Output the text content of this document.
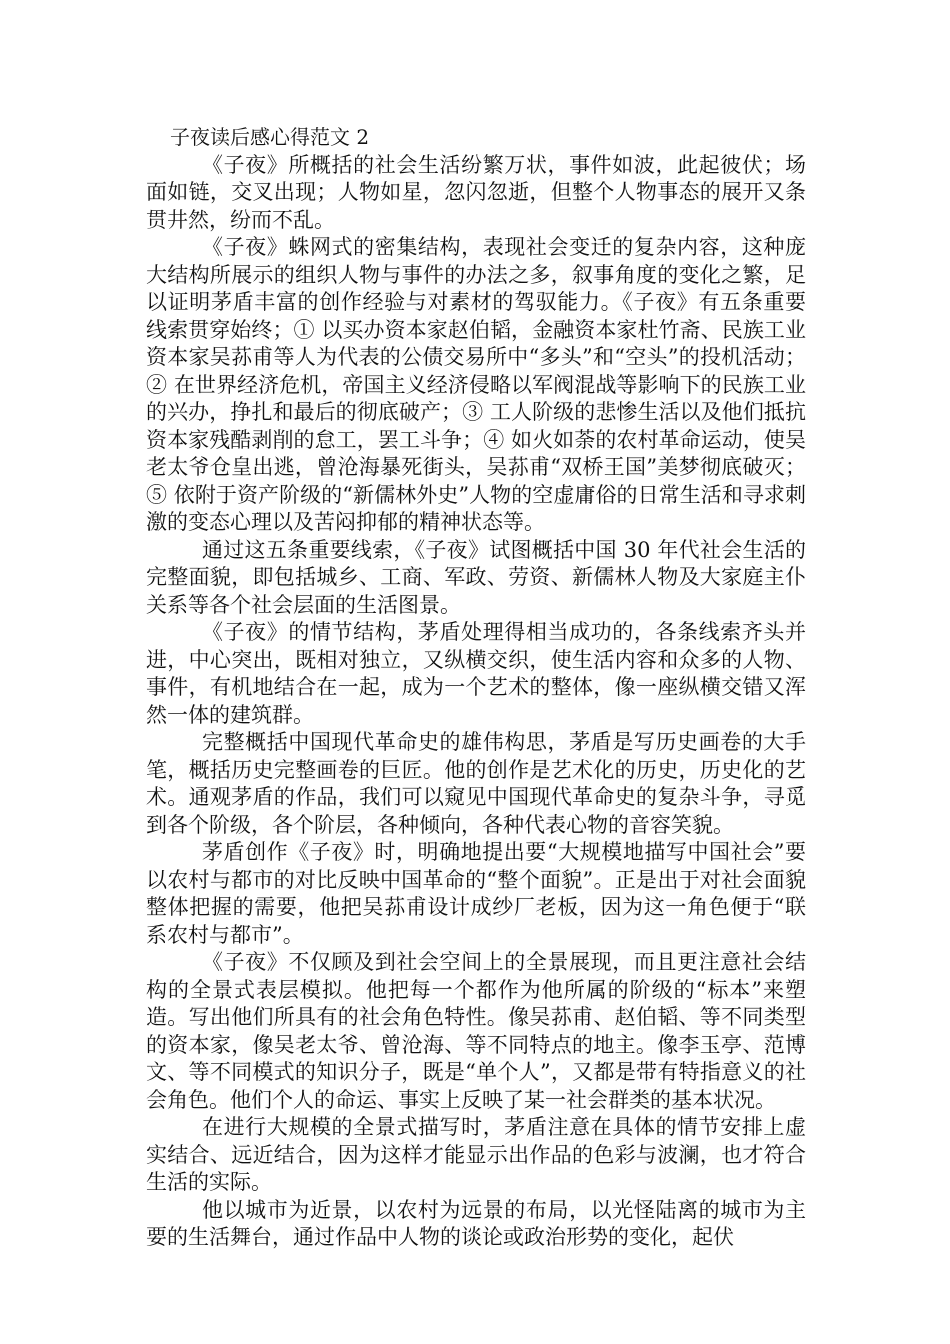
子夜读后感心得范文 2

《子夜》所概括的社会生活纷繁万状，事件如波，此起彼伏；场面如链，交叉出现；人物如星，忽闪忽逝，但整个人物事态的展开又条贯井然，纷而不乱。

《子夜》蛛网式的密集结构，表现社会变迁的复杂内容，这种庞大结构所展示的组织人物与事件的办法之多，叙事角度的变化之繁，足以证明茅盾丰富的创作经验与对素材的驾驭能力。《子夜》有五条重要线索贯穿始终；① 以买办资本家赵伯韬，金融资本家杜竹斋、民族工业资本家吴荪甫等人为代表的公债交易所中“多头”和“空头”的投机活动；② 在世界经济危机，帝国主义经济侵略以军阀混战等影响下的民族工业的兴办，挣扎和最后的彻底破产；③ 工人阶级的悲惨生活以及他们抵抗资本家残酷剥削的怠工，罢工斗争；④ 如火如荼的农村革命运动，使吴老太爷仓皇出逃，曾沧海暴死街头，吴荪甫“双桥王国”美梦彻底破灭；⑤ 依附于资产阶级的“新儒林外史”人物的空虚庸俗的日常生活和寻求刺激的变态心理以及苦闷抑郁的精神状态等。

通过这五条重要线索，《子夜》试图概括中国 30 年代社会生活的完整面貌，即包括城乡、工商、军政、劳资、新儒林人物及大家庭主仆关系等各个社会层面的生活图景。

《子夜》的情节结构，茅盾处理得相当成功的，各条线索齐头并进，中心突出，既相对独立，又纵横交织，使生活内容和众多的人物、事件，有机地结合在一起，成为一个艺术的整体，像一座纵横交错又浑然一体的建筑群。

完整概括中国现代革命史的雄伟构思，茅盾是写历史画卷的大手笔，概括历史完整画卷的巨匠。他的创作是艺术化的历史，历史化的艺术。通观茅盾的作品，我们可以窥见中国现代革命史的复杂斗争，寻觅到各个阶级，各个阶层，各种倾向，各种代表心物的音容笑貌。

茅盾创作《子夜》时，明确地提出要“大规模地描写中国社会”要以农村与都市的对比反映中国革命的“整个面貌”。正是出于对社会面貌整体把握的需要，他把吴荪甫设计成纱厂老板，因为这一角色便于“联系农村与都市”。

《子夜》不仅顾及到社会空间上的全景展现，而且更注意社会结构的全景式表层模拟。他把每一个都作为他所属的阶级的“标本”来塑造。写出他们所具有的社会角色特性。像吴荪甫、赵伯韬、等不同类型的资本家，像吴老太爷、曾沧海、等不同特点的地主。像李玉亭、范博文、等不同模式的知识分子，既是“单个人”，又都是带有特指意义的社会角色。他们个人的命运、事实上反映了某一社会群类的基本状况。

在进行大规模的全景式描写时，茅盾注意在具体的情节安排上虚实结合、远近结合，因为这样才能显示出作品的色彩与波澜，也才符合生活的实际。

他以城市为近景，以农村为远景的布局，以光怪陆离的城市为主要的生活舞台，通过作品中人物的谈论或政治形势的变化，起伏
